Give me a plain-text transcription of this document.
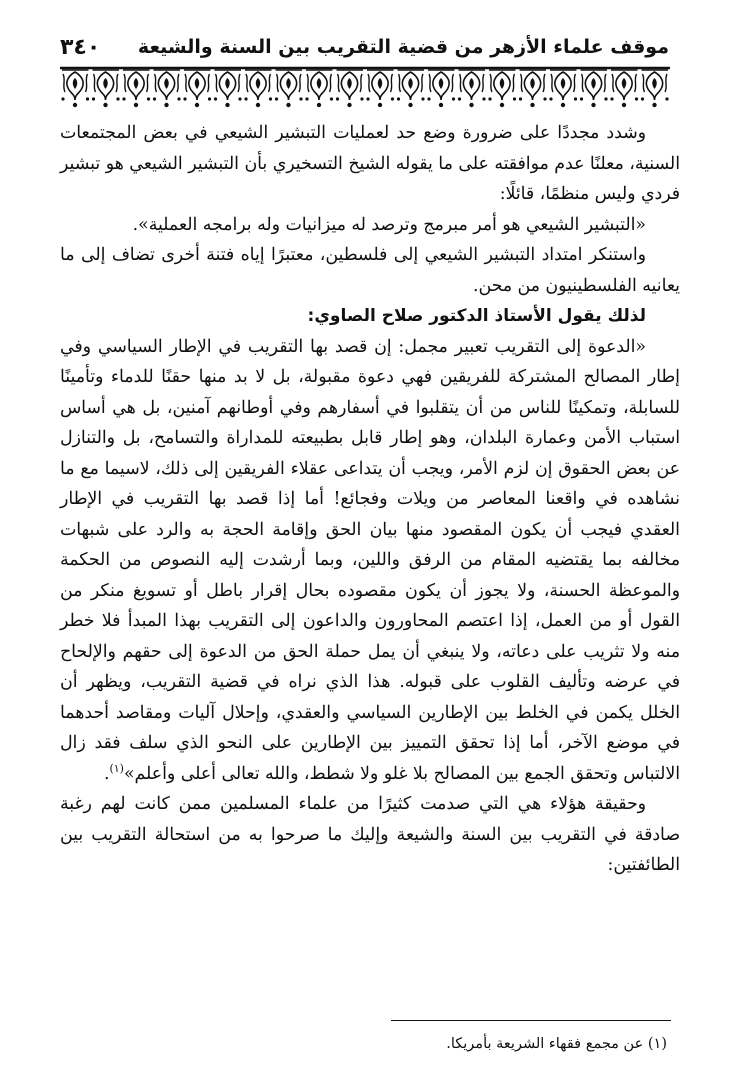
موقف علماء الأزهر من قضية التقريب بين السنة والشيعة
٣٤٠

وشدد مجددًا على ضرورة وضع حد لعمليات التبشير الشيعي في بعض المجتمعات السنية، معلنًا عدم موافقته على ما يقوله الشيخ التسخيري بأن التبشير الشيعي هو تبشير فردي وليس منظمًا، قائلًا:

«التبشير الشيعي هو أمر مبرمج وترصد له ميزانيات وله برامجه العملية».

واستنكر امتداد التبشير الشيعي إلى فلسطين، معتبرًا إياه فتنة أخرى تضاف إلى ما يعانيه الفلسطينيون من محن.

لذلك يقول الأستاذ الدكتور صلاح الصاوي:

«الدعوة إلى التقريب تعبير مجمل: إن قصد بها التقريب في الإطار السياسي وفي إطار المصالح المشتركة للفريقين فهي دعوة مقبولة، بل لا بد منها حقنًا للدماء وتأمينًا للسابلة، وتمكينًا للناس من أن يتقلبوا في أسفارهم وفي أوطانهم آمنين، بل هي أساس استباب الأمن وعمارة البلدان، وهو إطار قابل بطبيعته للمداراة والتسامح، بل والتنازل عن بعض الحقوق إن لزم الأمر، ويجب أن يتداعى عقلاء الفريقين إلى ذلك، لاسيما مع ما نشاهده في واقعنا المعاصر من ويلات وفجائع! أما إذا قصد بها التقريب في الإطار العقدي فيجب أن يكون المقصود منها بيان الحق وإقامة الحجة به والرد على شبهات مخالفه بما يقتضيه المقام من الرفق واللين، وبما أرشدت إليه النصوص من الحكمة والموعظة الحسنة، ولا يجوز أن يكون مقصوده بحال إقرار باطل أو تسويغ منكر من القول أو من العمل، إذا اعتصم المحاورون والداعون إلى التقريب بهذا المبدأ فلا خطر منه ولا تثريب على دعاته، ولا ينبغي أن يمل حملة الحق من الدعوة إلى حقهم والإلحاح في عرضه وتأليف القلوب على قبوله. هذا الذي نراه في قضية التقريب، ويظهر أن الخلل يكمن في الخلط بين الإطارين السياسي والعقدي، وإحلال آليات ومقاصد أحدهما في موضع الآخر، أما إذا تحقق التمييز بين الإطارين على النحو الذي سلف فقد زال الالتباس وتحقق الجمع بين المصالح بلا غلو ولا شطط، والله تعالى أعلى وأعلم»$^{(١)}$.

وحقيقة هؤلاء هي التي صدمت كثيرًا من علماء المسلمين ممن كانت لهم رغبة صادقة في التقريب بين السنة والشيعة وإليك ما صرحوا به من استحالة التقريب بين الطائفتين:

(١) عن مجمع فقهاء الشريعة بأمريكا.
